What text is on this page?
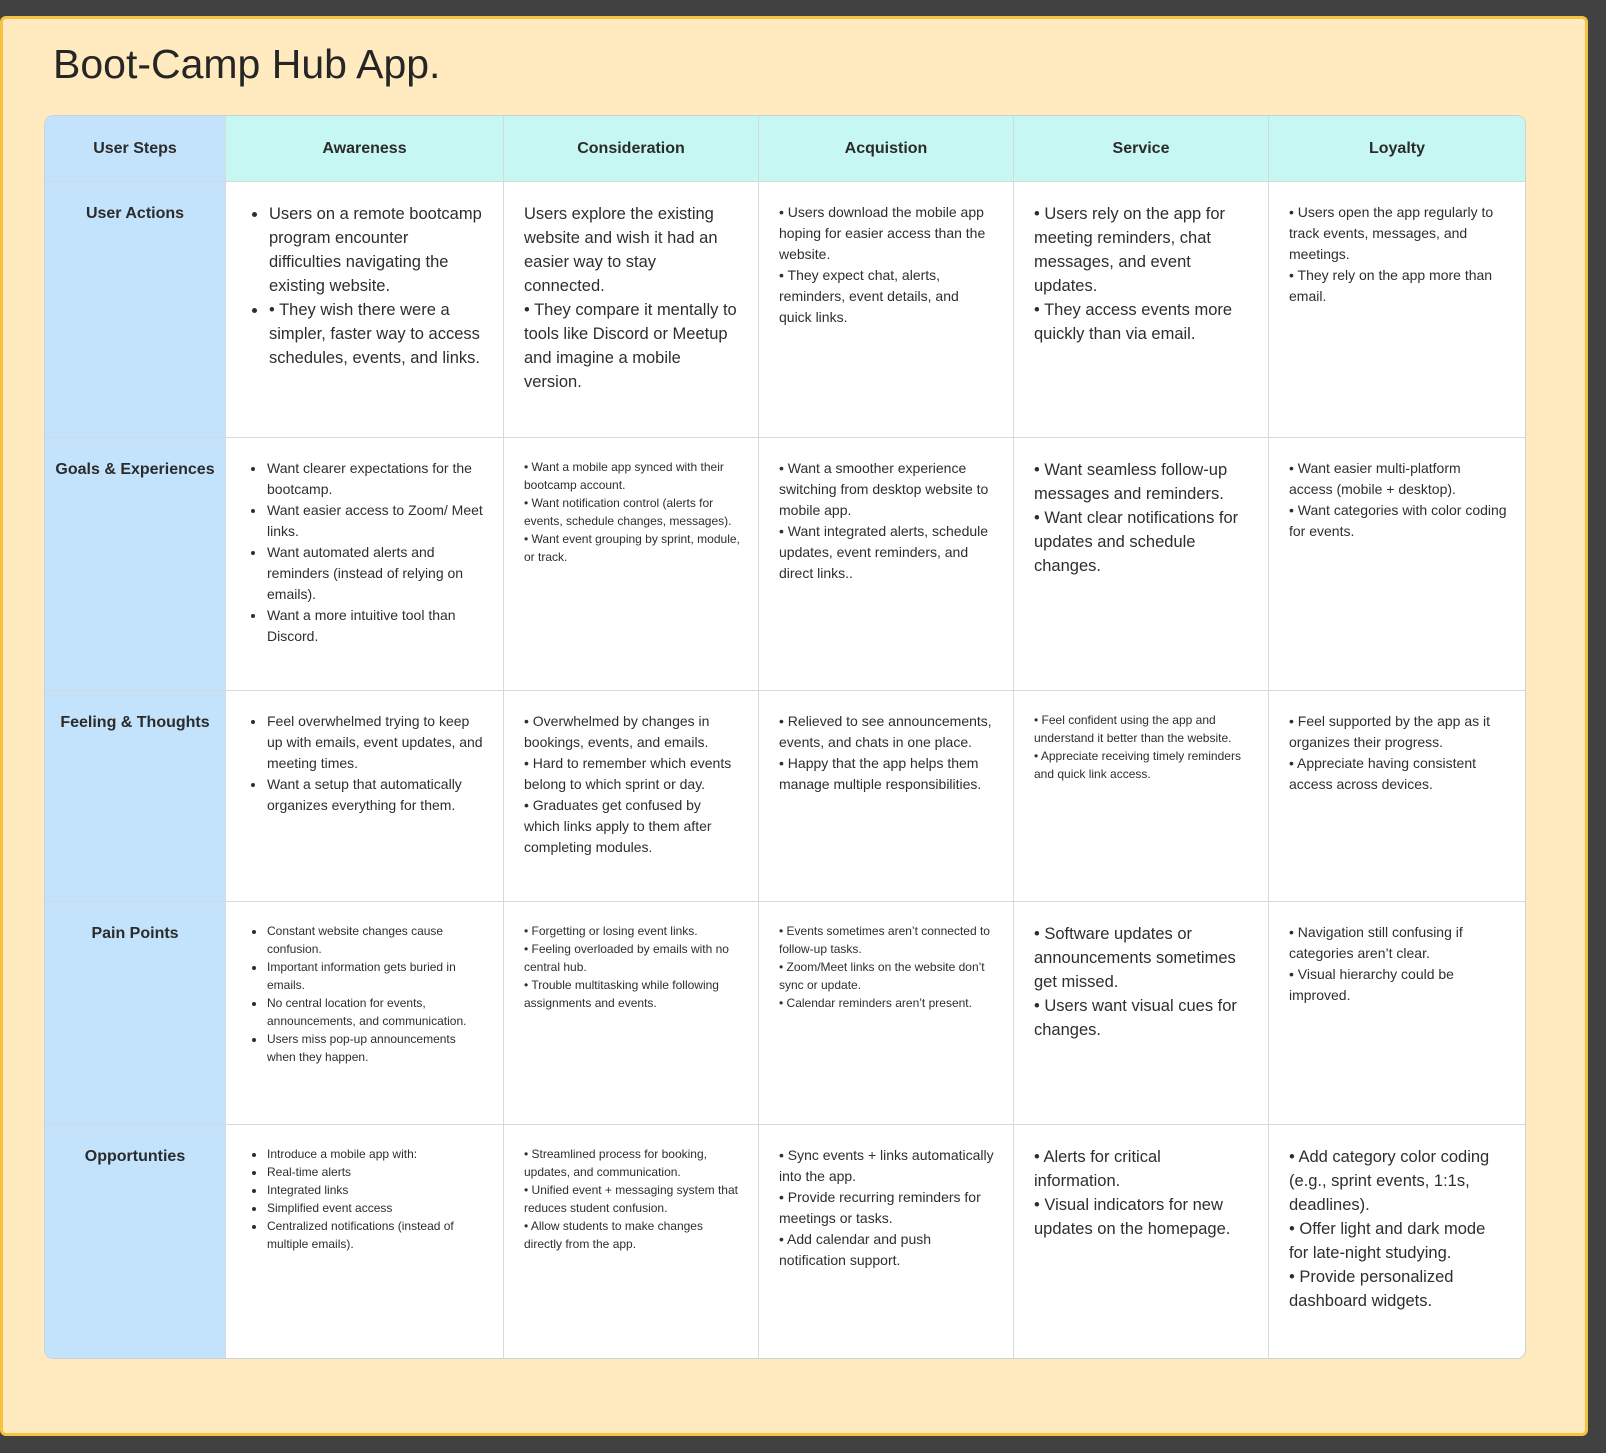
Boot-Camp Hub App.
User Steps	Awareness	Consideration	Acquistion	Service	Loyalty
User Actions	• Users on a remote bootcamp program encounter difficulties navigating the existing website.
• • They wish there were a simpler, faster way to access schedules, events, and links.

Users explore the existing website and wish it had an easier way to stay connected.
• They compare it mentally to tools like Discord or Meetup and imagine a mobile version.

• Users download the mobile app hoping for easier access than the website.
• They expect chat, alerts, reminders, event details, and quick links.

• Users rely on the app for meeting reminders, chat messages, and event updates.
• They access events more quickly than via email.

• Users open the app regularly to track events, messages, and meetings.
• They rely on the app more than email.

Goals & Experiences	• Want clearer expectations for the bootcamp.
• Want easier access to Zoom/ Meet links.
• Want automated alerts and reminders (instead of relying on emails).
• Want a more intuitive tool than Discord.

• Want a mobile app synced with their bootcamp account.
• Want notification control (alerts for events, schedule changes, messages).
• Want event grouping by sprint, module, or track.

• Want a smoother experience switching from desktop website to mobile app.
• Want integrated alerts, schedule updates, event reminders, and direct links..

• Want seamless follow-up messages and reminders.
• Want clear notifications for updates and schedule changes.

• Want easier multi-platform access (mobile + desktop).
• Want categories with color coding for events.

Feeling & Thoughts	• Feel overwhelmed trying to keep up with emails, event updates, and meeting times.
• Want a setup that automatically organizes everything for them.

• Overwhelmed by changes in bookings, events, and emails.
• Hard to remember which events belong to which sprint or day.
• Graduates get confused by which links apply to them after completing modules.

• Relieved to see announcements, events, and chats in one place.
• Happy that the app helps them manage multiple responsibilities.

• Feel confident using the app and understand it better than the website.
• Appreciate receiving timely reminders and quick link access.

• Feel supported by the app as it organizes their progress.
• Appreciate having consistent access across devices.

Pain Points	• Constant website changes cause confusion.
• Important information gets buried in emails.
• No central location for events, announcements, and communication.
• Users miss pop-up announcements when they happen.

• Forgetting or losing event links.
• Feeling overloaded by emails with no central hub.
• Trouble multitasking while following assignments and events.

• Events sometimes aren’t connected to follow-up tasks.
• Zoom/Meet links on the website don’t sync or update.
• Calendar reminders aren’t present.

• Software updates or announcements sometimes get missed.
• Users want visual cues for changes.

• Navigation still confusing if categories aren’t clear.
• Visual hierarchy could be improved.

Opportunties	• Introduce a mobile app with:
• Real-time alerts
• Integrated links
• Simplified event access
• Centralized notifications (instead of multiple emails).

• Streamlined process for booking, updates, and communication.
• Unified event + messaging system that reduces student confusion.
• Allow students to make changes directly from the app.

• Sync events + links automatically into the app.
• Provide recurring reminders for meetings or tasks.
• Add calendar and push notification support.

• Alerts for critical information.
• Visual indicators for new updates on the homepage.

• Add category color coding (e.g., sprint events, 1:1s, deadlines).
• Offer light and dark mode for late-night studying.
• Provide personalized dashboard widgets.
